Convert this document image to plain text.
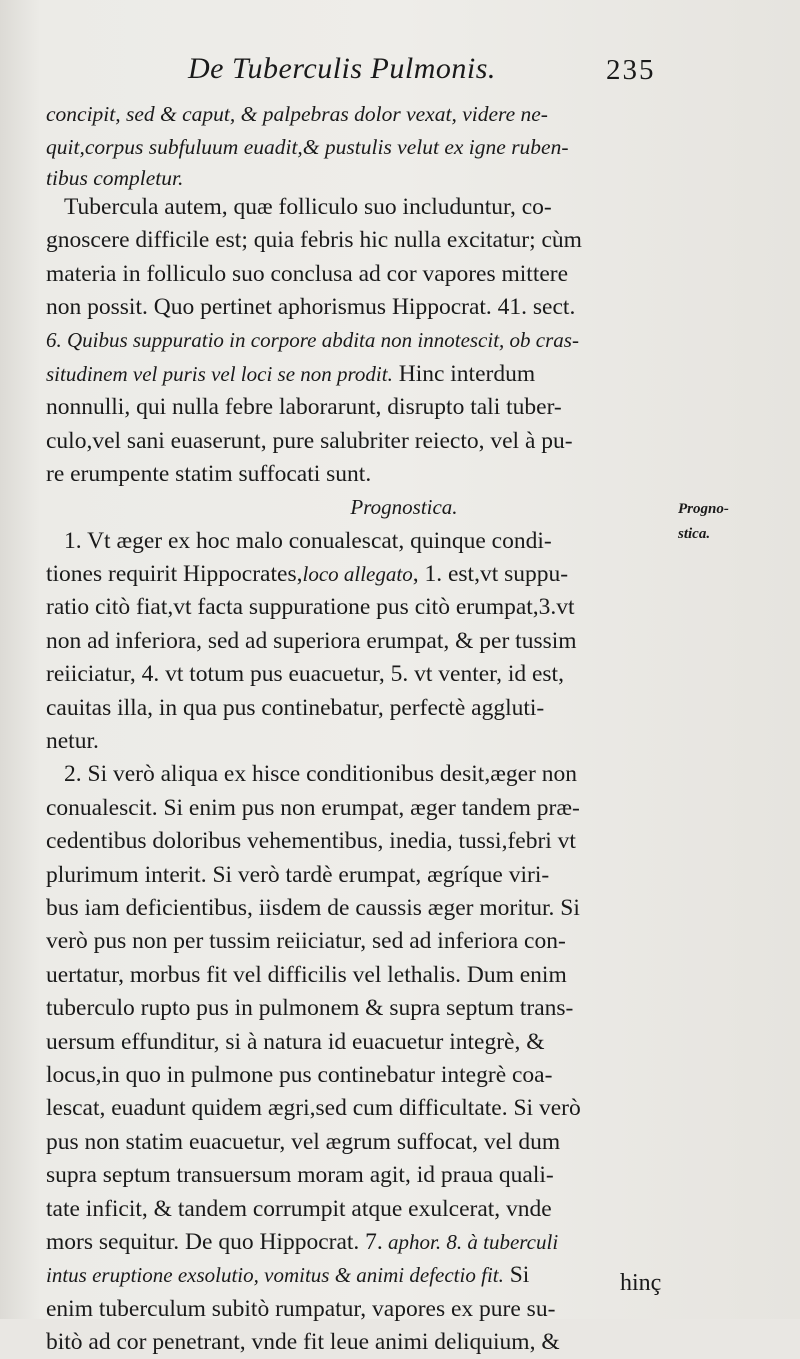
De Tuberculis Pulmonis.	235
concipit, sed & caput, & palpebras dolor vexat, videre ne-
quit,corpus subfuluum euadit,& pustulis velut ex igne ruben-
tibus completur.
Tubercula autem, quæ folliculo suo includuntur, co-
gnoscere difficile est; quia febris hic nulla excitatur; cùm
materia in folliculo suo conclusa ad cor vapores mittere
non possit. Quo pertinet aphorismus Hippocrat. 41. sect.
6. Quibus suppuratio in corpore abdita non innotescit, ob cras-
situdinem vel puris vel loci se non prodit. Hinc interdum
nonnulli, qui nulla febre laborarunt, disrupto tali tuber-
culo,vel sani euaserunt, pure salubriter reiecto, vel à pu-
re erumpente statim suffocati sunt.
Prognostica.
1. Vt æger ex hoc malo conualescat, quinque condi-
tiones requirit Hippocrates,loco allegato, 1. est,vt suppu-
ratio citò fiat,vt facta suppuratione pus citò erumpat,3.vt
non ad inferiora, sed ad superiora erumpat, & per tussim
reiiciatur, 4. vt totum pus euacuetur, 5. vt venter, id est,
cauitas illa, in qua pus continebatur, perfectè aggluti-
netur.
2. Si verò aliqua ex hisce conditionibus desit,æger non
conualescit. Si enim pus non erumpat, æger tandem præ-
cedentibus doloribus vehementibus, inedia, tussi,febri vt
plurimum interit. Si verò tardè erumpat, ægríque viri-
bus iam deficientibus, iisdem de caussis æger moritur. Si
verò pus non per tussim reiiciatur, sed ad inferiora con-
uertatur, morbus fit vel difficilis vel lethalis. Dum enim
tuberculo rupto pus in pulmonem & supra septum trans-
uersum effunditur, si à natura id euacuetur integrè, &
locus,in quo in pulmone pus continebatur integrè coa-
lescat, euadunt quidem ægri,sed cum difficultate. Si verò
pus non statim euacuetur, vel ægrum suffocat, vel dum
supra septum transuersum moram agit, id praua quali-
tate inficit, & tandem corrumpit atque exulcerat, vnde
mors sequitur. De quo Hippocrat. 7. aphor. 8. à tuberculi
intus eruptione exsolutio, vomitus & animi defectio fit. Si
enim tuberculum subitò rumpatur, vapores ex pure su-
bitò ad cor penetrant, vnde fit leue animi deliquium, &
Progno-
stica.
hinç
